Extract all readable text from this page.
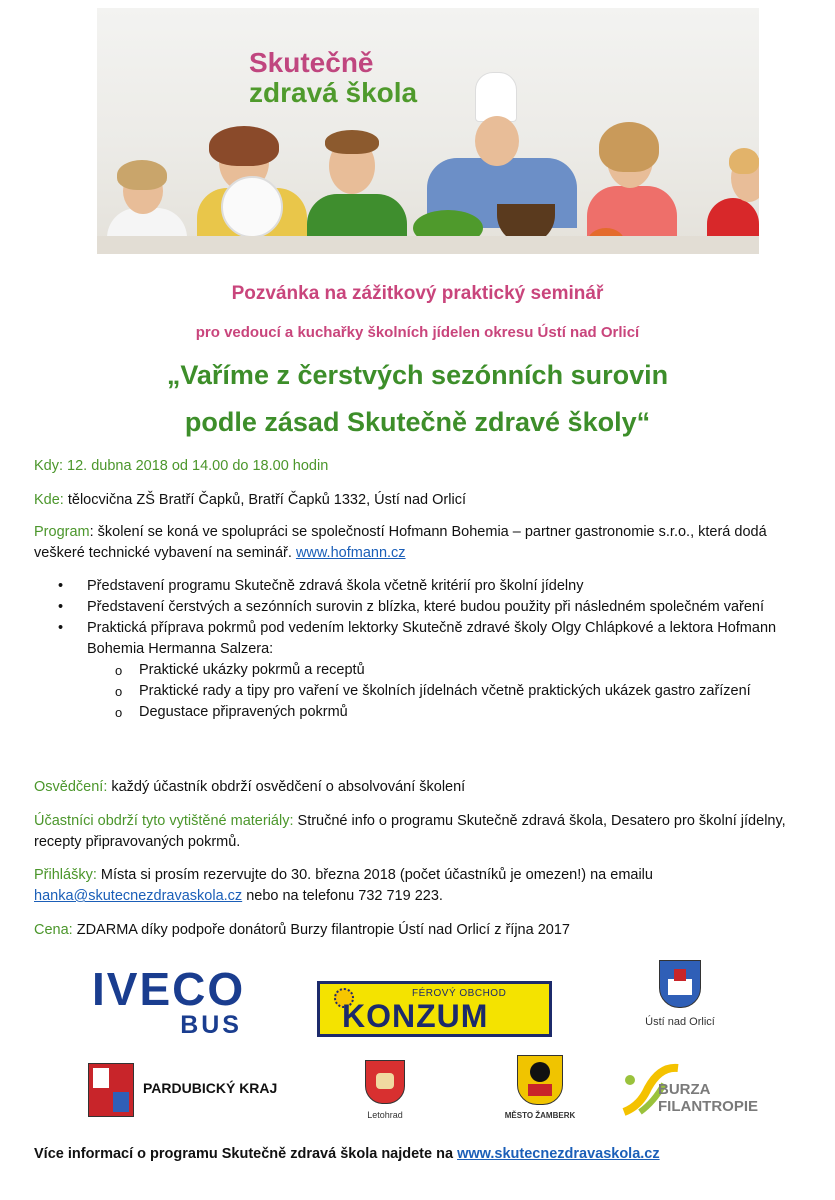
Skutečně
zdravá škola
Pozvánka na zážitkový praktický seminář
pro vedoucí a kuchařky školních jídelen okresu Ústí nad Orlicí
„Vaříme z čerstvých sezónních surovin
podle zásad Skutečně zdravé školy“
Kdy: 12. dubna 2018 od 14.00 do 18.00 hodin
Kde: tělocvična ZŠ Bratří Čapků, Bratří Čapků 1332, Ústí nad Orlicí
Program: školení se koná ve spolupráci se společností Hofmann Bohemia – partner gastronomie s.r.o., která dodá veškeré technické vybavení na seminář. www.hofmann.cz
• Představení programu Skutečně zdravá škola včetně kritérií pro školní jídelny
• Představení čerstvých a sezónních surovin z blízka, které budou použity při následném společném vaření
• Praktická příprava pokrmů pod vedením lektorky Skutečně zdravé školy Olgy Chlápkové a lektora Hofmann Bohemia Hermanna Salzera:
o Praktické ukázky pokrmů a receptů
o Praktické rady a tipy pro vaření ve školních jídelnách včetně praktických ukázek gastro zařízení
o Degustace připravených pokrmů
Osvědčení: každý účastník obdrží osvědčení o absolvování školení
Účastníci obdrží tyto vytištěné materiály: Stručné info o programu Skutečně zdravá škola, Desatero pro školní jídelny, recepty připravovaných pokrmů.
Přihlášky: Místa si prosím rezervujte do 30. března 2018 (počet účastníků je omezen!) na emailu hanka@skutecnezdravaskola.cz nebo na telefonu 732 719 223.
Cena: ZDARMA díky podpoře donátorů Burzy filantropie Ústí nad Orlicí z října 2017
IVECO
BUS
FÉROVÝ OBCHOD
KONZUM	Ústí nad Orlicí
PARDUBICKÝ KRAJ
Letohrad	MĚSTO ŽAMBERK
BURZA
FILANTROPIE
Více informací o programu Skutečně zdravá škola najdete na www.skutecnezdravaskola.cz
